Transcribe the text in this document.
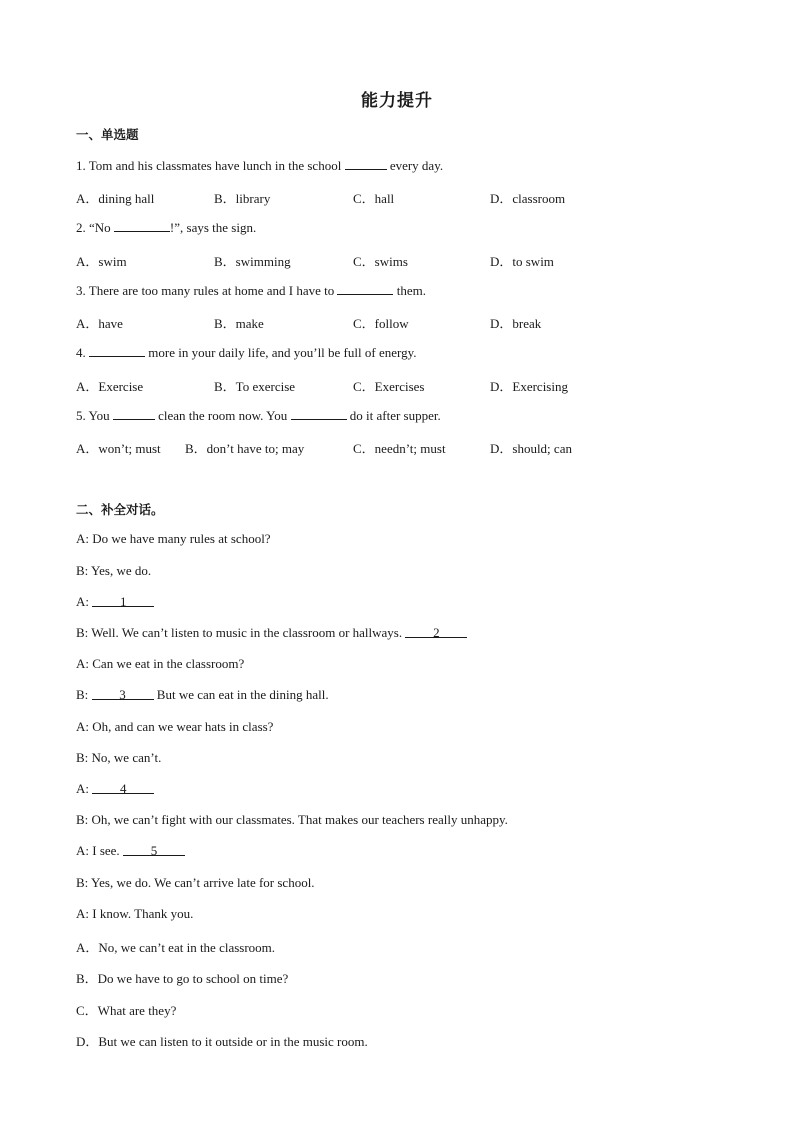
能力提升
一、单选题
1. Tom and his classmates have lunch in the school	every day.
A．dining hall	B．library	C．hall	D．classroom
2. “No	!”, says the sign.
A．swim	B．swimming	C．swims	D．to swim
3. There are too many rules at home and I have to	them.
A．have	B．make	C．follow	D．break
4.	more in your daily life, and you’ll be full of energy.
A．Exercise	B．To exercise	C．Exercises	D．Exercising
5. You	clean the room now. You	do it after supper.
A．won’t; must B．don’t have to; may	C．needn’t; must	D．should; can
二、补全对话。
A: Do we have many rules at school?
B: Yes, we do.
A: 1
B: Well. We can’t listen to music in the classroom or hallways. 2
A: Can we eat in the classroom?
B: 3 But we can eat in the dining hall.
A: Oh, and can we wear hats in class?
B: No, we can’t.
A: 4
B: Oh, we can’t fight with our classmates. That makes our teachers really unhappy.
A: I see. 5
B: Yes, we do. We can’t arrive late for school.
A: I know. Thank you.
A．No, we can’t eat in the classroom.
B．Do we have to go to school on time?
C．What are they?
D．But we can listen to it outside or in the music room.
